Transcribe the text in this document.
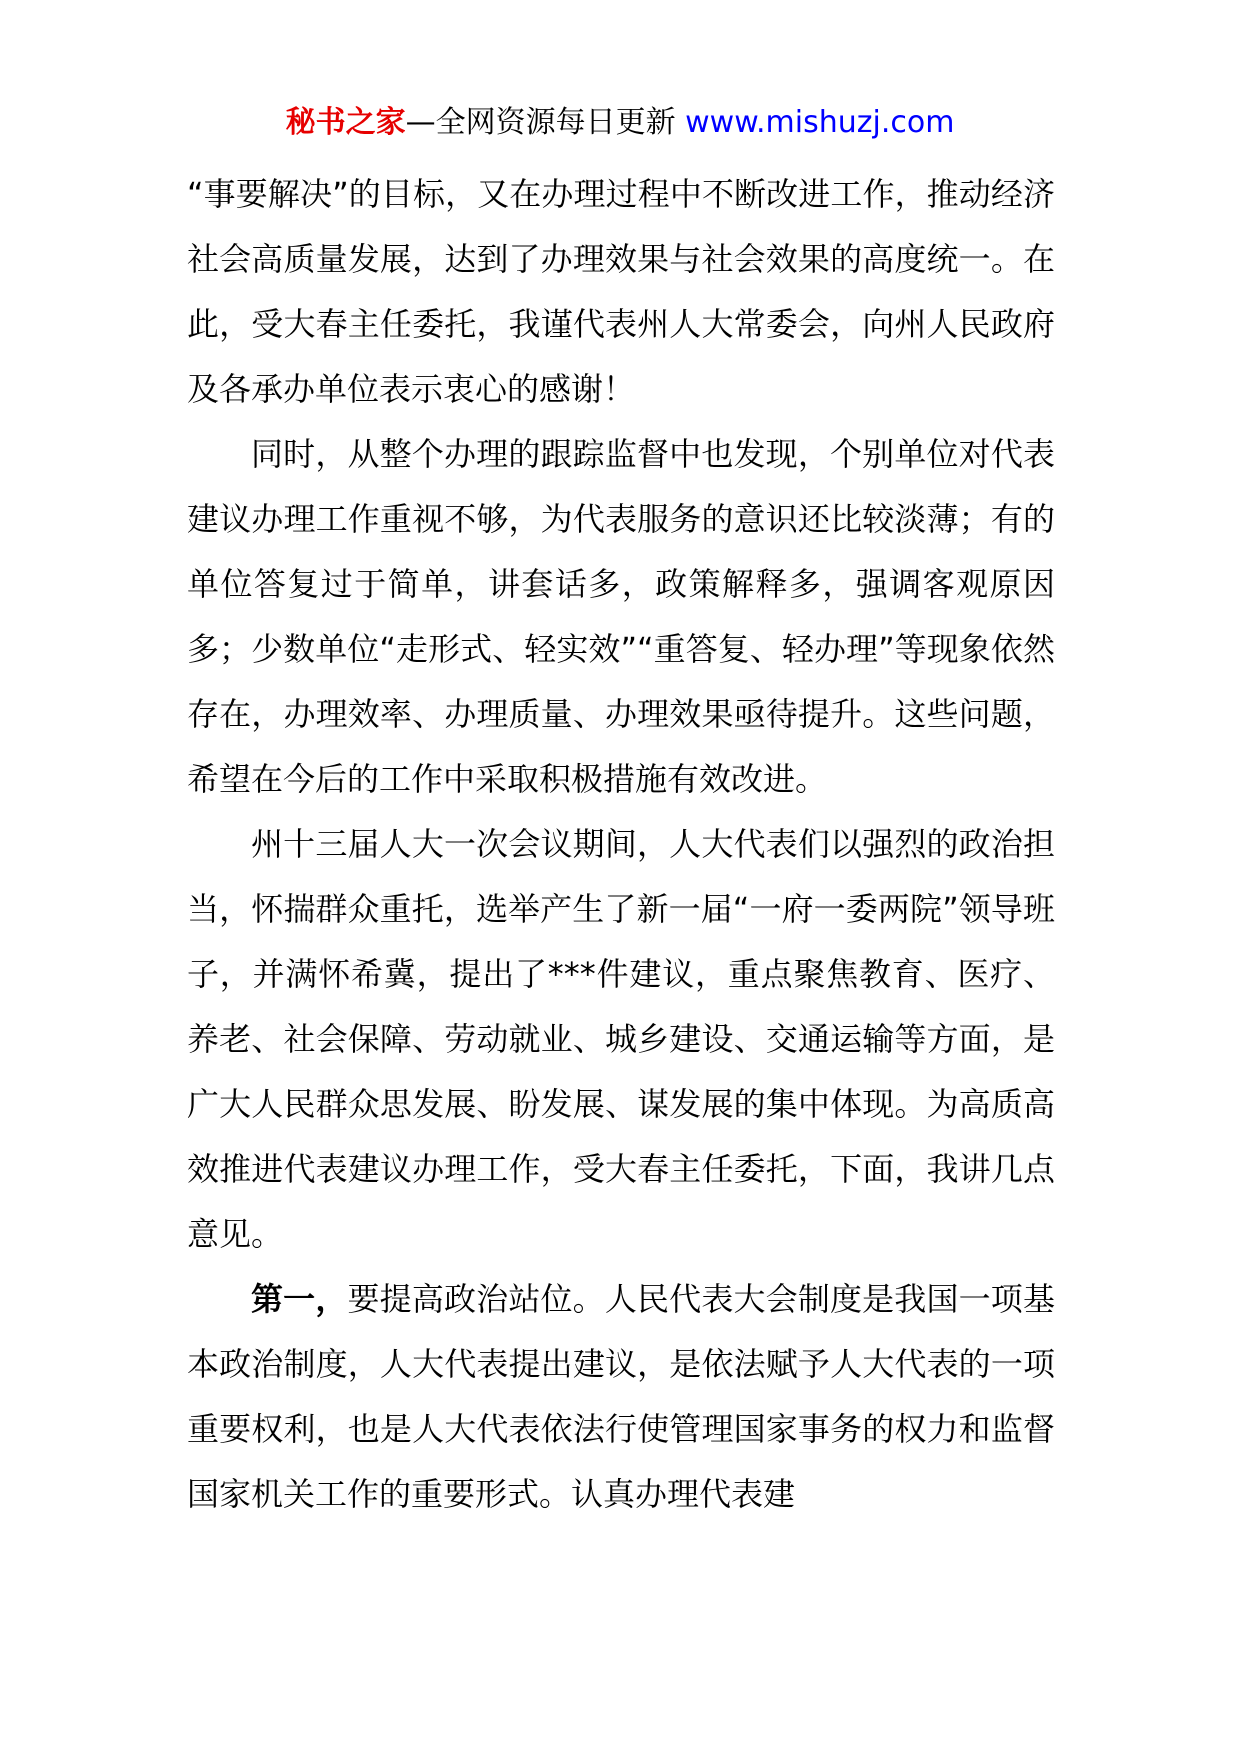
秘书之家—全网资源每日更新 www.mishuzj.com

“事要解决”的目标，又在办理过程中不断改进工作，推动经济社会高质量发展，达到了办理效果与社会效果的高度统一。在此，受大春主任委托，我谨代表州人大常委会，向州人民政府及各承办单位表示衷心的感谢！

同时，从整个办理的跟踪监督中也发现，个别单位对代表建议办理工作重视不够，为代表服务的意识还比较淡薄；有的单位答复过于简单，讲套话多，政策解释多，强调客观原因多；少数单位“走形式、轻实效”“重答复、轻办理”等现象依然存在，办理效率、办理质量、办理效果亟待提升。这些问题，希望在今后的工作中采取积极措施有效改进。

州十三届人大一次会议期间，人大代表们以强烈的政治担当，怀揣群众重托，选举产生了新一届“一府一委两院”领导班子，并满怀希冀，提出了***件建议，重点聚焦教育、医疗、养老、社会保障、劳动就业、城乡建设、交通运输等方面，是广大人民群众思发展、盼发展、谋发展的集中体现。为高质高效推进代表建议办理工作，受大春主任委托，下面，我讲几点意见。

第一，要提高政治站位。人民代表大会制度是我国一项基本政治制度，人大代表提出建议，是依法赋予人大代表的一项重要权利，也是人大代表依法行使管理国家事务的权力和监督国家机关工作的重要形式。认真办理代表建
